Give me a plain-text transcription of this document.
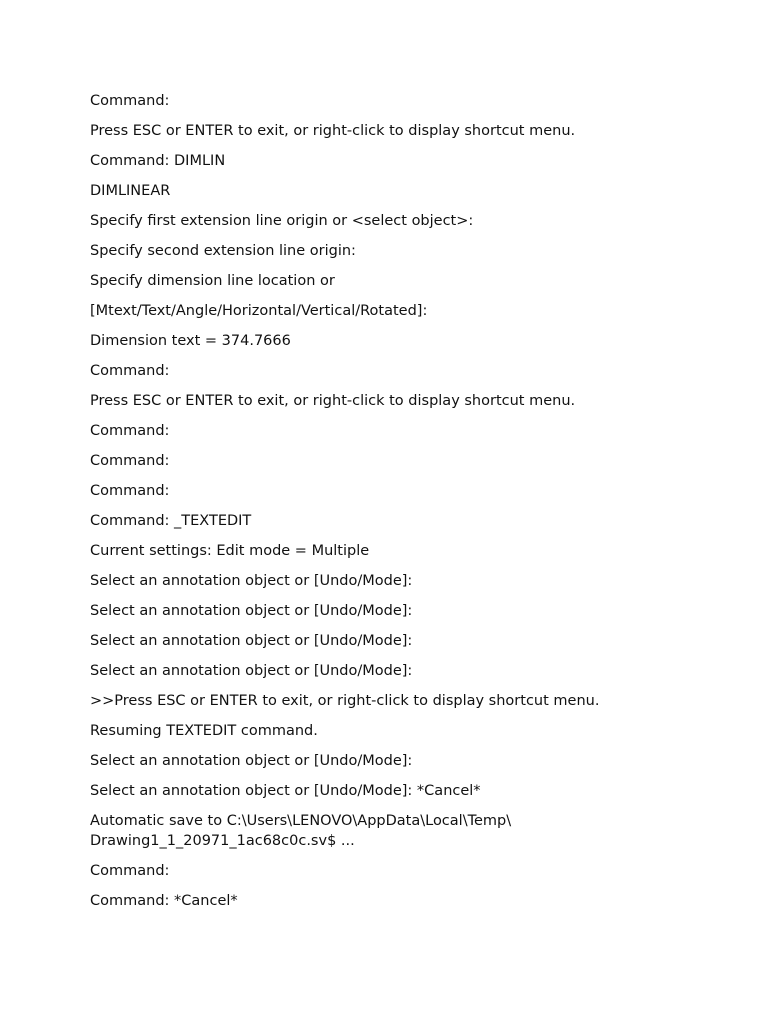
Command:
Press ESC or ENTER to exit, or right-click to display shortcut menu.
Command: DIMLIN
DIMLINEAR
Specify first extension line origin or <select object>:
Specify second extension line origin:
Specify dimension line location or
[Mtext/Text/Angle/Horizontal/Vertical/Rotated]:
Dimension text = 374.7666
Command:
Press ESC or ENTER to exit, or right-click to display shortcut menu.
Command:
Command:
Command:
Command: _TEXTEDIT
Current settings: Edit mode = Multiple
Select an annotation object or [Undo/Mode]:
Select an annotation object or [Undo/Mode]:
Select an annotation object or [Undo/Mode]:
Select an annotation object or [Undo/Mode]:
>>Press ESC or ENTER to exit, or right-click to display shortcut menu.
Resuming TEXTEDIT command.
Select an annotation object or [Undo/Mode]:
Select an annotation object or [Undo/Mode]: *Cancel*
Automatic save to C:\Users\LENOVO\AppData\Local\Temp\
Drawing1_1_20971_1ac68c0c.sv$ ...
Command:
Command: *Cancel*
